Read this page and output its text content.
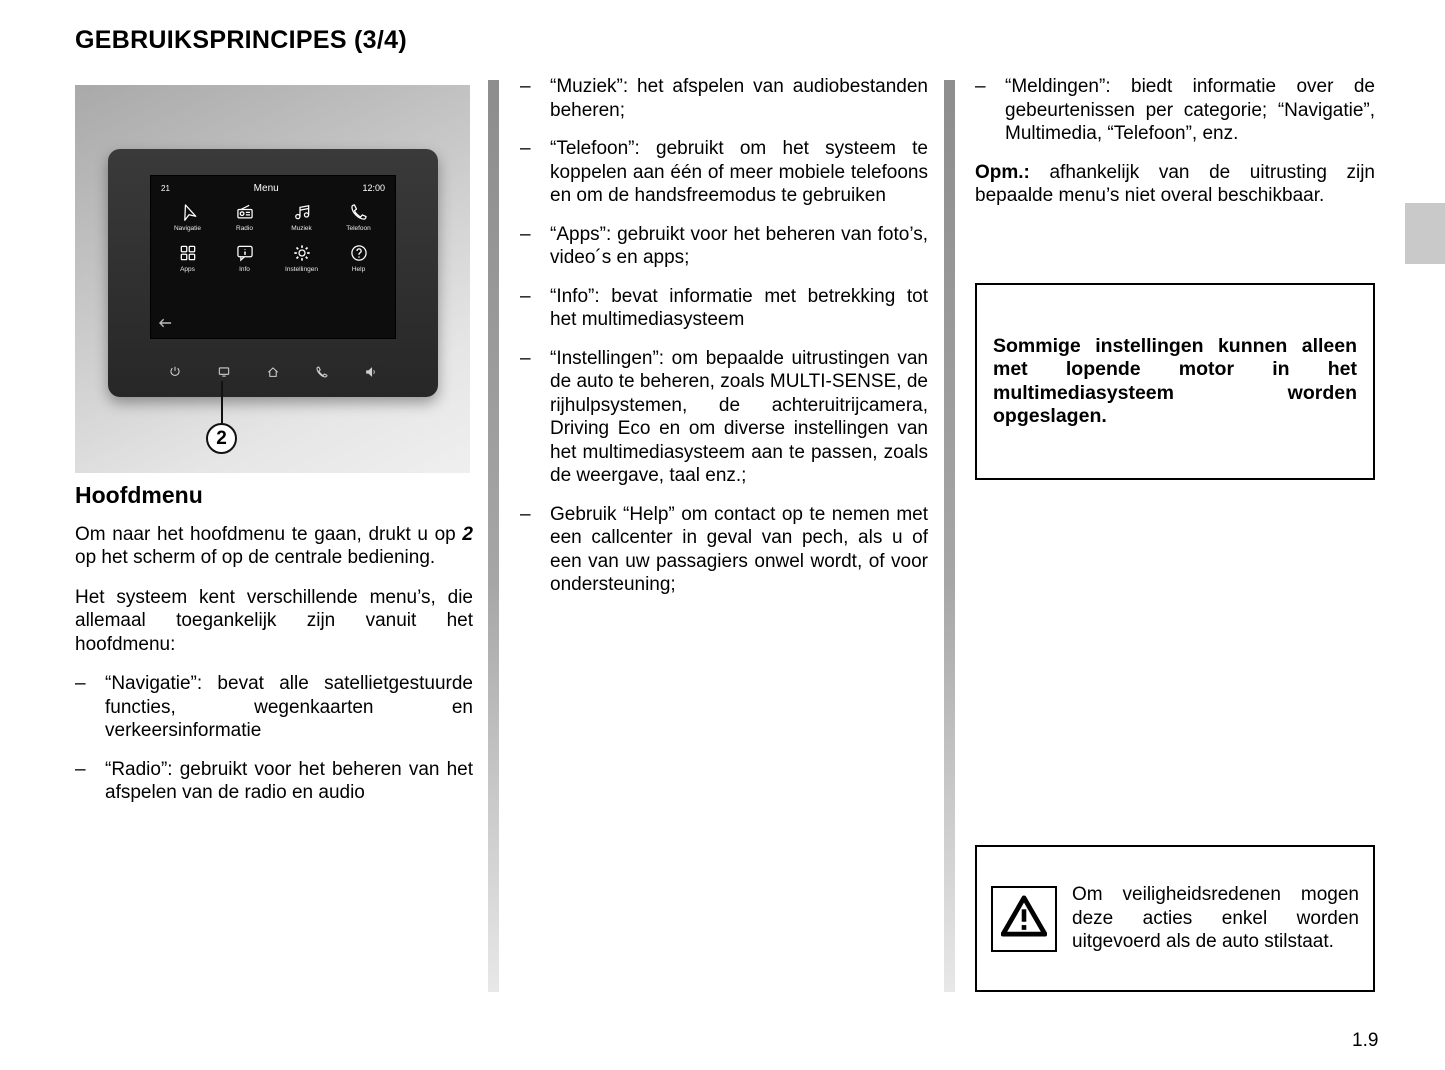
GEBRUIKSPRINCIPES (3/4)
21	Menu	12:00
Navigatie	Radio	Muziek	Telefoon
Apps	Info	Instellingen	Help
2
Hoofdmenu

Om naar het hoofdmenu te gaan, drukt u op 2 op het scherm of op de centrale bediening.

Het systeem kent verschillende menu’s, die allemaal toegankelijk zijn vanuit het hoofdmenu:

–	“Navigatie”: bevat alle satellietgestuurde functies, wegenkaarten en verkeersinformatie
–	“Radio”: gebruikt voor het beheren van het afspelen van de radio en audio
–	“Muziek”: het afspelen van audiobestanden beheren;
–	“Telefoon”: gebruikt om het systeem te koppelen aan één of meer mobiele telefoons en om de handsfreemodus te gebruiken
–	“Apps”: gebruikt voor het beheren van foto’s, video´s en apps;
–	“Info”: bevat informatie met betrekking tot het multimediasysteem
–	“Instellingen”: om bepaalde uitrustingen van de auto te beheren, zoals MULTI-SENSE, de rijhulpsystemen, de achteruitrijcamera, Driving Eco en om diverse instellingen van het multimediasysteem aan te passen, zoals de weergave, taal enz.;
–	Gebruik “Help” om contact op te nemen met een callcenter in geval van pech, als u of een van uw passagiers onwel wordt, of voor ondersteuning;
–	“Meldingen”: biedt informatie over de gebeurtenissen per categorie; “Navigatie”, Multimedia, “Telefoon”, enz.

Opm.: afhankelijk van de uitrusting zijn bepaalde menu’s niet overal beschikbaar.

Sommige instellingen kunnen alleen met lopende motor in het multimediasysteem worden opgeslagen.
Om veiligheidsredenen mogen deze acties enkel worden uitgevoerd als de auto stilstaat.
1.9
